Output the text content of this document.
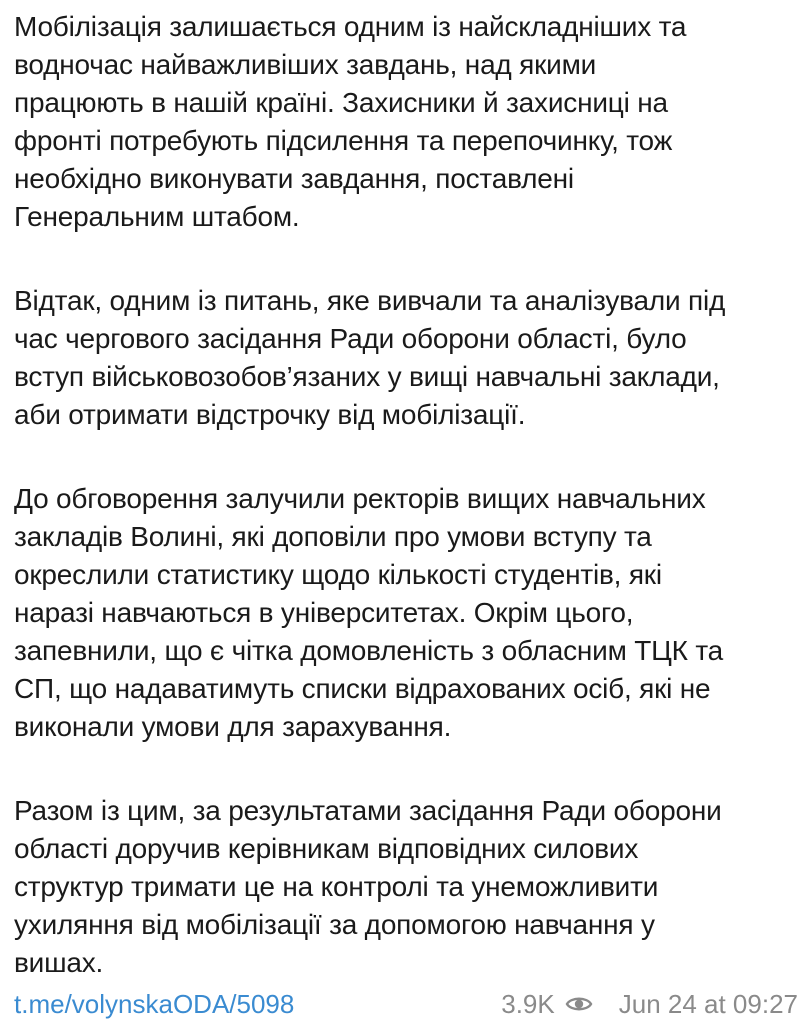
Мобілізація залишається одним із найскладніших та
водночас найважливіших завдань, над якими
працюють в нашій країні. Захисники й захисниці на
фронті потребують підсилення та перепочинку, тож
необхідно виконувати завдання, поставлені
Генеральним штабом.

Відтак, одним із питань, яке вивчали та аналізували під
час чергового засідання Ради оборони області, було
вступ військовозобов’язаних у вищі навчальні заклади,
аби отримати відстрочку від мобілізації.

До обговорення залучили ректорів вищих навчальних
закладів Волині, які доповіли про умови вступу та
окреслили статистику щодо кількості студентів, які
наразі навчаються в університетах. Окрім цього,
запевнили, що є чітка домовленість з обласним ТЦК та
СП, що надаватимуть списки відрахованих осіб, які не
виконали умови для зарахування.

Разом із цим, за результатами засідання Ради оборони
області доручив керівникам відповідних силових
структур тримати це на контролі та унеможливити
ухиляння від мобілізації за допомогою навчання у
вишах.

t.me/volynskaODA/5098	3.9K Jun 24 at 09:27
